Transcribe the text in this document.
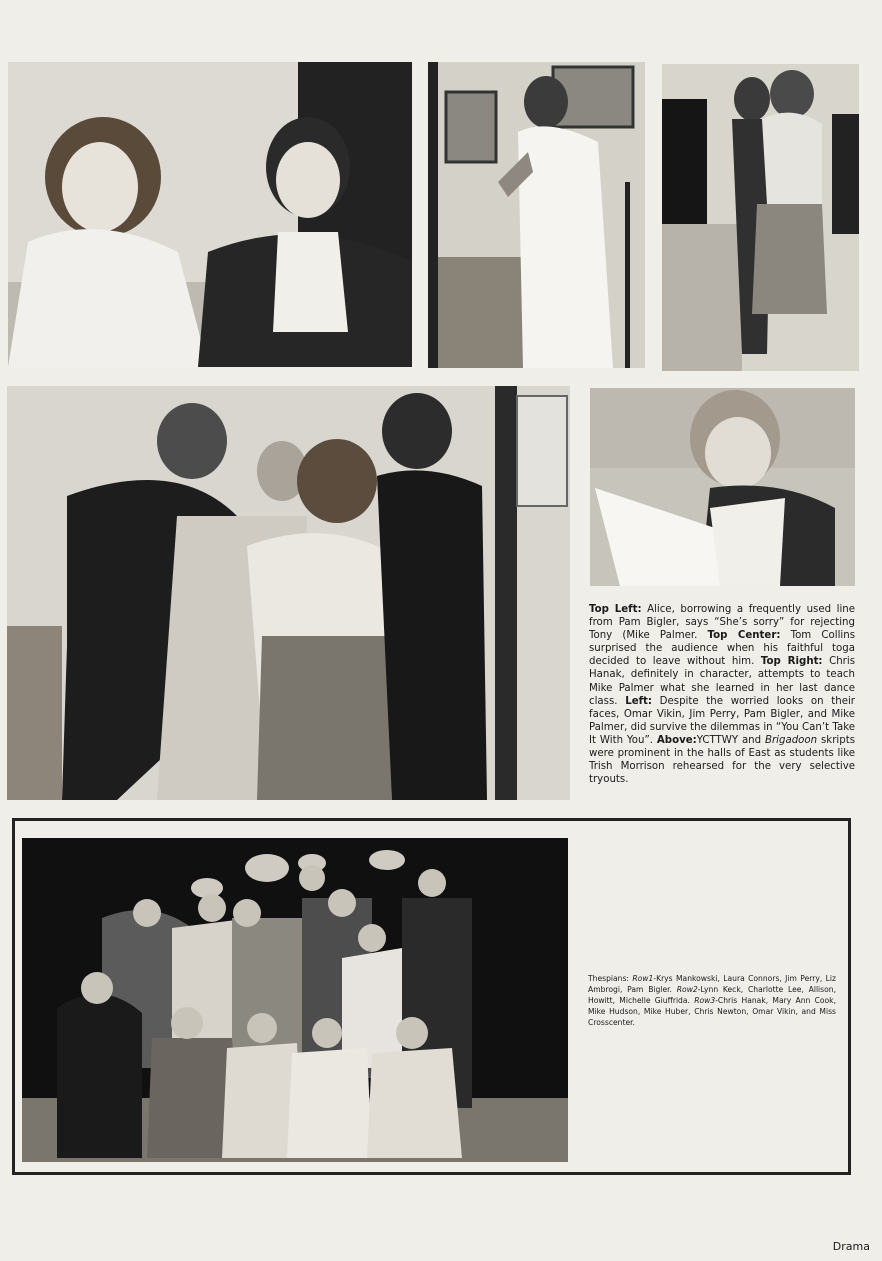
Top Left: Alice, borrowing a frequently used line from Pam Bigler, says “She’s sorry” for rejecting Tony (Mike Palmer. Top Center: Tom Collins surprised the audience when his faithful toga decided to leave without him. Top Right: Chris Hanak, definitely in character, attempts to teach Mike Palmer what she learned in her last dance class. Left: Despite the worried looks on their faces, Omar Vikin, Jim Perry, Pam Bigler, and Mike Palmer, did survive the dilemmas in “You Can’t Take It With You”. Above:YCTTWY and Brigadoon skripts were prominent in the halls of East as students like Trish Morrison rehearsed for the very selective tryouts.
Thespians: Row1-Krys Mankowski, Laura Connors, Jim Perry, Liz Ambrogi, Pam Bigler. Row2-Lynn Keck, Charlotte Lee, Allison, Howitt, Michelle Giuffrida. Row3-Chris Hanak, Mary Ann Cook, Mike Hudson, Mike Huber, Chris Newton, Omar Vikin, and Miss Crosscenter.
Drama
